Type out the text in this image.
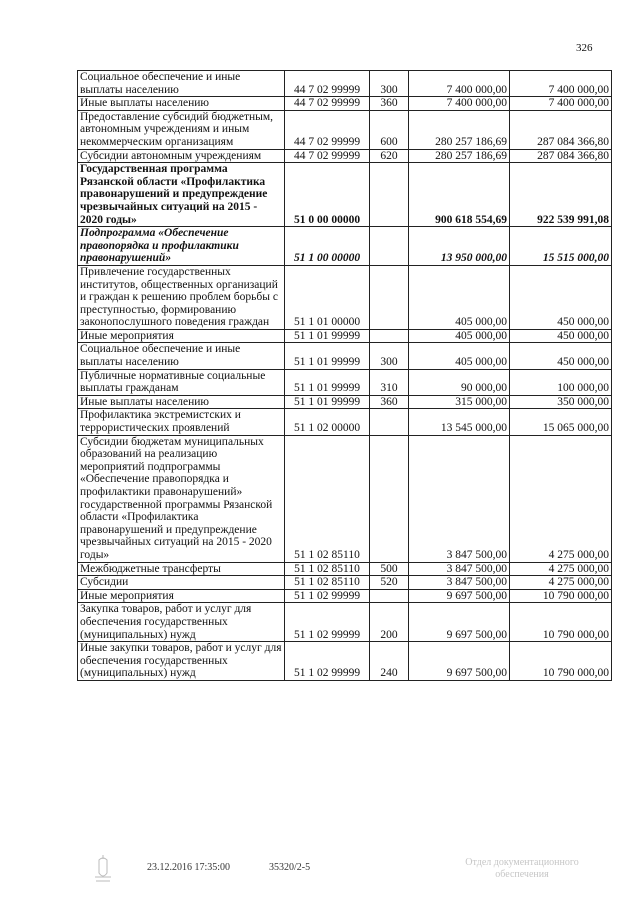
326
Социальное обеспечение и иные выплаты населению	44 7 02 99999	300	7 400 000,00	7 400 000,00
Иные выплаты населению	44 7 02 99999	360	7 400 000,00	7 400 000,00
Предоставление субсидий бюджетным, автономным учреждениям и иным некоммерческим организациям	44 7 02 99999	600	280 257 186,69	287 084 366,80
Субсидии автономным учреждениям	44 7 02 99999	620	280 257 186,69	287 084 366,80
Государственная программа Рязанской области «Профилактика правонарушений и предупреждение чрезвычайных ситуаций на 2015 - 2020 годы»	51 0 00 00000		900 618 554,69	922 539 991,08
Подпрограмма «Обеспечение правопорядка и профилактики правонарушений»	51 1 00 00000		13 950 000,00	15 515 000,00
Привлечение государственных институтов, общественных организаций и граждан к решению проблем борьбы с преступностью, формированию законопослушного поведения граждан	51 1 01 00000		405 000,00	450 000,00
Иные мероприятия	51 1 01 99999		405 000,00	450 000,00
Социальное обеспечение и иные выплаты населению	51 1 01 99999	300	405 000,00	450 000,00
Публичные нормативные социальные выплаты гражданам	51 1 01 99999	310	90 000,00	100 000,00
Иные выплаты населению	51 1 01 99999	360	315 000,00	350 000,00
Профилактика экстремистских и террористических проявлений	51 1 02 00000		13 545 000,00	15 065 000,00
Субсидии бюджетам муниципальных образований на реализацию мероприятий подпрограммы «Обеспечение правопорядка и профилактики правонарушений» государственной программы Рязанской области «Профилактика правонарушений и предупреждение чрезвычайных ситуаций на 2015 - 2020 годы»	51 1 02 85110		3 847 500,00	4 275 000,00
Межбюджетные трансферты	51 1 02 85110	500	3 847 500,00	4 275 000,00
Субсидии	51 1 02 85110	520	3 847 500,00	4 275 000,00
Иные мероприятия	51 1 02 99999		9 697 500,00	10 790 000,00
Закупка товаров, работ и услуг для обеспечения государственных (муниципальных) нужд	51 1 02 99999	200	9 697 500,00	10 790 000,00
Иные закупки товаров, работ и услуг для обеспечения государственных (муниципальных) нужд	51 1 02 99999	240	9 697 500,00	10 790 000,00
23.12.2016 17:35:00	35320/2-5	Отдел документационного обеспечения
